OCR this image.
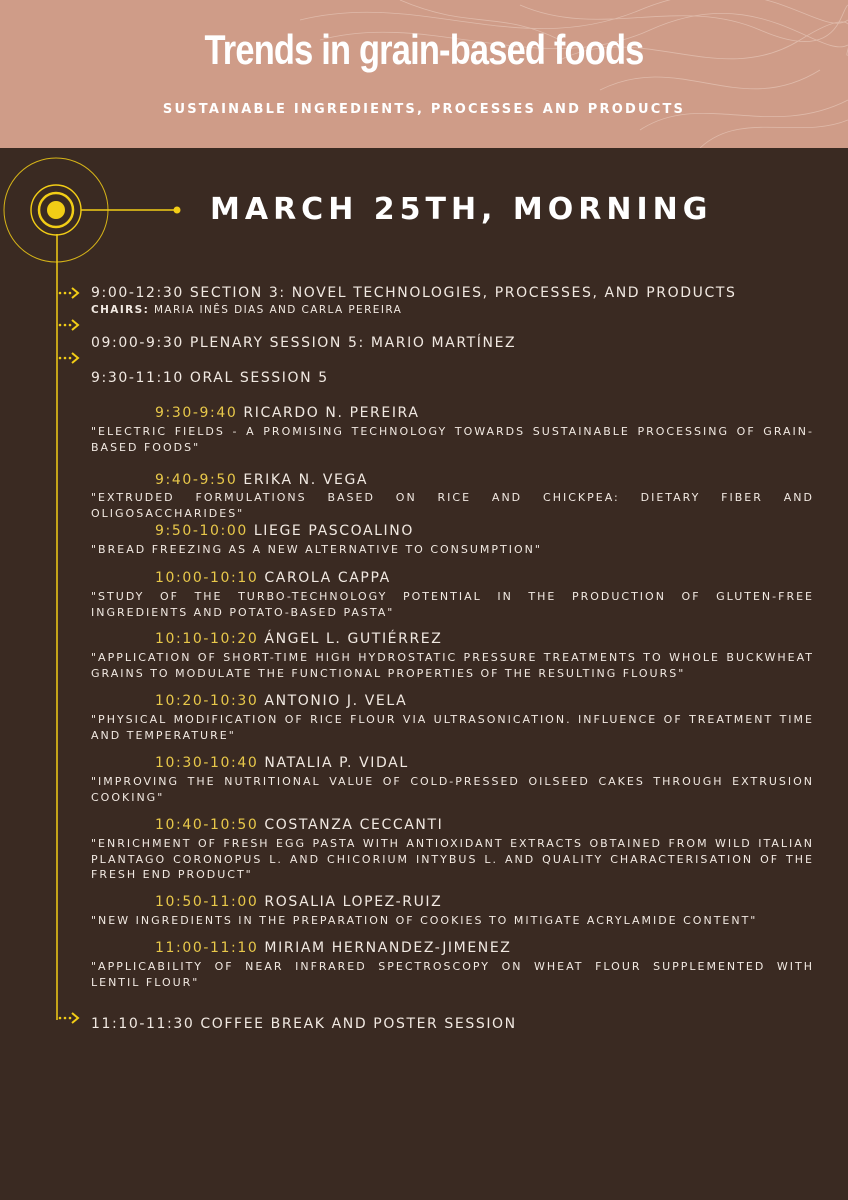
Trends in grain-based foods
SUSTAINABLE INGREDIENTS, PROCESSES AND PRODUCTS
MARCH 25TH, MORNING
9:00-12:30 SECTION 3: NOVEL TECHNOLOGIES, PROCESSES, AND PRODUCTS
CHAIRS: MARIA INÊS DIAS AND CARLA PEREIRA
09:00-9:30 PLENARY SESSION 5: MARIO MARTÍNEZ
9:30-11:10 ORAL SESSION 5
9:30-9:40 RICARDO N. PEREIRA
"ELECTRIC FIELDS - A PROMISING TECHNOLOGY TOWARDS SUSTAINABLE PROCESSING OF GRAIN-BASED FOODS"
9:40-9:50 ERIKA N. VEGA
"EXTRUDED FORMULATIONS BASED ON RICE AND CHICKPEA: DIETARY FIBER AND OLIGOSACCHARIDES"
9:50-10:00 LIEGE PASCOALINO
"BREAD FREEZING AS A NEW ALTERNATIVE TO CONSUMPTION"
10:00-10:10 CAROLA CAPPA
"STUDY OF THE TURBO-TECHNOLOGY POTENTIAL IN THE PRODUCTION OF GLUTEN-FREE INGREDIENTS AND POTATO-BASED PASTA"
10:10-10:20 ÁNGEL L. GUTIÉRREZ
"APPLICATION OF SHORT-TIME HIGH HYDROSTATIC PRESSURE TREATMENTS TO WHOLE BUCKWHEAT GRAINS TO MODULATE THE FUNCTIONAL PROPERTIES OF THE RESULTING FLOURS"
10:20-10:30 ANTONIO J. VELA
"PHYSICAL MODIFICATION OF RICE FLOUR VIA ULTRASONICATION. INFLUENCE OF TREATMENT TIME AND TEMPERATURE"
10:30-10:40 NATALIA P. VIDAL
"IMPROVING THE NUTRITIONAL VALUE OF COLD-PRESSED OILSEED CAKES THROUGH EXTRUSION COOKING"
10:40-10:50 COSTANZA CECCANTI
"ENRICHMENT OF FRESH EGG PASTA WITH ANTIOXIDANT EXTRACTS OBTAINED FROM WILD ITALIAN PLANTAGO CORONOPUS L. AND CHICORIUM INTYBUS L. AND QUALITY CHARACTERISATION OF THE FRESH END PRODUCT"
10:50-11:00 ROSALIA LOPEZ-RUIZ
"NEW INGREDIENTS IN THE PREPARATION OF COOKIES TO MITIGATE ACRYLAMIDE CONTENT"
11:00-11:10 MIRIAM HERNANDEZ-JIMENEZ
"APPLICABILITY OF NEAR INFRARED SPECTROSCOPY ON WHEAT FLOUR SUPPLEMENTED WITH LENTIL FLOUR"
11:10-11:30 COFFEE BREAK AND POSTER SESSION
